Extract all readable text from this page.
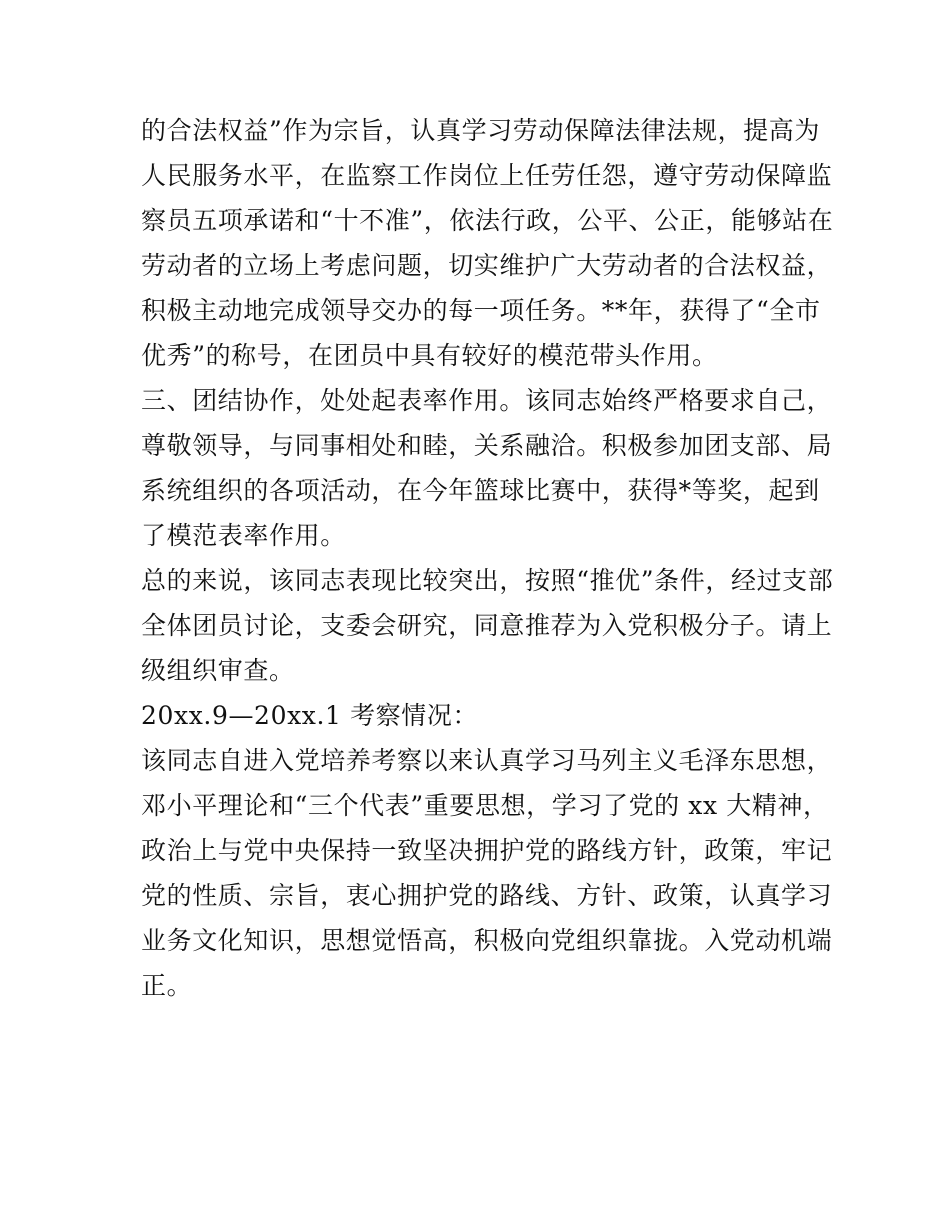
的合法权益”作为宗旨，认真学习劳动保障法律法规，提高为
人民服务水平，在监察工作岗位上任劳任怨，遵守劳动保障监
察员五项承诺和“十不准”，依法行政，公平、公正，能够站在
劳动者的立场上考虑问题，切实维护广大劳动者的合法权益，
积极主动地完成领导交办的每一项任务。**年，获得了“全市
优秀”的称号，在团员中具有较好的模范带头作用。
三、团结协作，处处起表率作用。该同志始终严格要求自己，
尊敬领导，与同事相处和睦，关系融洽。积极参加团支部、局
系统组织的各项活动，在今年篮球比赛中，获得*等奖，起到
了模范表率作用。
总的来说，该同志表现比较突出，按照“推优”条件，经过支部
全体团员讨论，支委会研究，同意推荐为入党积极分子。请上
级组织审查。
20xx.9—20xx.1 考察情况：
该同志自进入党培养考察以来认真学习马列主义毛泽东思想，
邓小平理论和“三个代表”重要思想，学习了党的 xx 大精神，
政治上与党中央保持一致坚决拥护党的路线方针，政策，牢记
党的性质、宗旨，衷心拥护党的路线、方针、政策，认真学习
业务文化知识，思想觉悟高，积极向党组织靠拢。入党动机端
正。
